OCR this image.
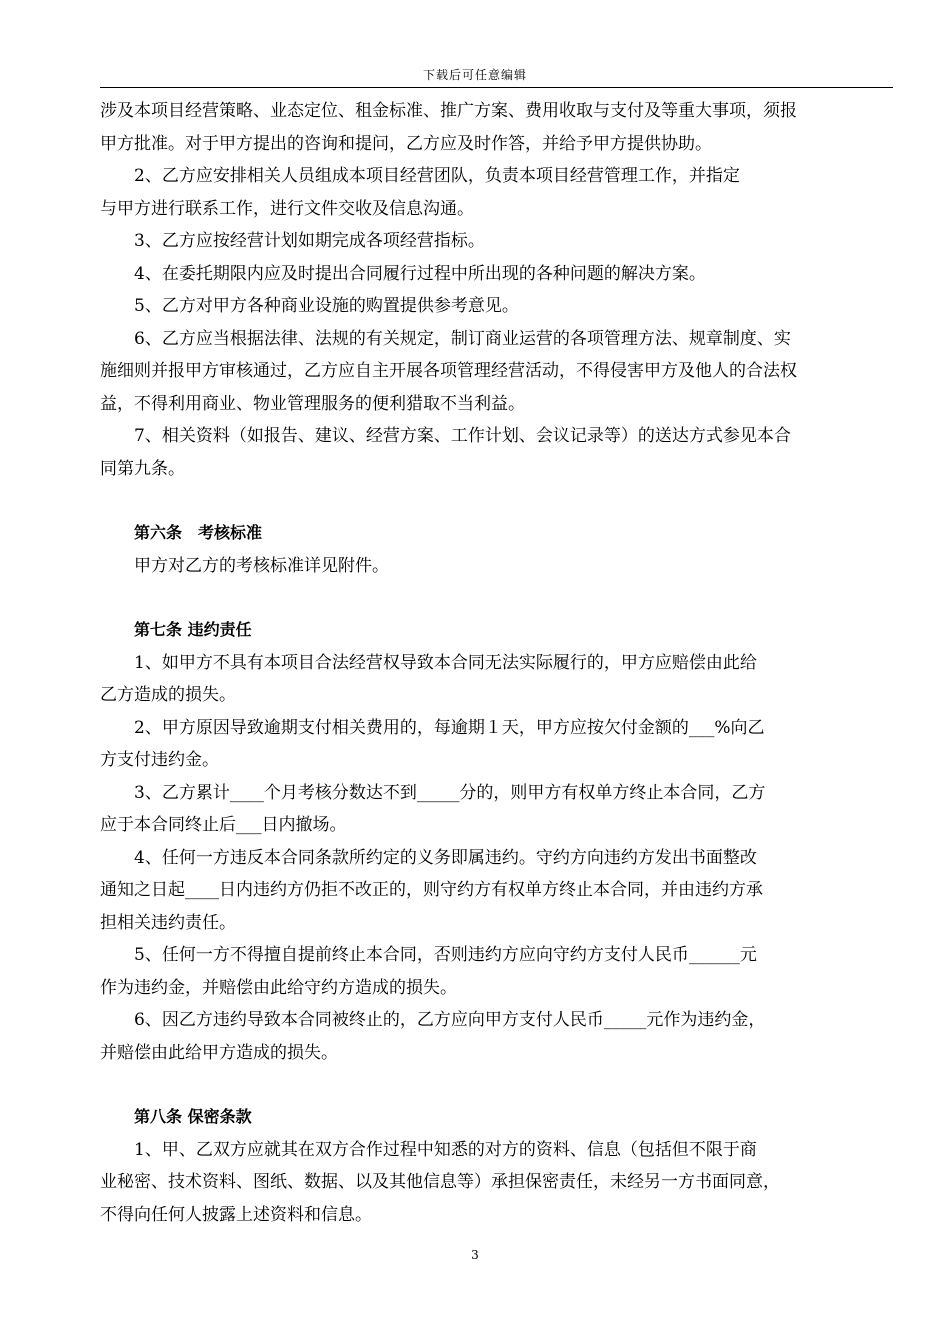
下载后可任意编辑

涉及本项目经营策略、业态定位、租金标准、推广方案、费用收取与支付及等重大事项，须报

甲方批准。对于甲方提出的咨询和提问，乙方应及时作答，并给予甲方提供协助。

2、乙方应安排相关人员组成本项目经营团队，负责本项目经营管理工作，并指定

与甲方进行联系工作，进行文件交收及信息沟通。

3、乙方应按经营计划如期完成各项经营指标。

4、在委托期限内应及时提出合同履行过程中所出现的各种问题的解决方案。

5、乙方对甲方各种商业设施的购置提供参考意见。

6、乙方应当根据法律、法规的有关规定，制订商业运营的各项管理方法、规章制度、实

施细则并报甲方审核通过，乙方应自主开展各项管理经营活动，不得侵害甲方及他人的合法权

益，不得利用商业、物业管理服务的便利猎取不当利益。

7、相关资料（如报告、建议、经营方案、工作计划、会议记录等）的送达方式参见本合

同第九条。

第六条　考核标准

甲方对乙方的考核标准详见附件。

第七条 违约责任

1、如甲方不具有本项目合法经营权导致本合同无法实际履行的，甲方应赔偿由此给

乙方造成的损失。

2、甲方原因导致逾期支付相关费用的，每逾期１天，甲方应按欠付金额的___%向乙

方支付违约金。

3、乙方累计____个月考核分数达不到_____分的，则甲方有权单方终止本合同，乙方

应于本合同终止后___日内撤场。

4、任何一方违反本合同条款所约定的义务即属违约。守约方向违约方发出书面整改

通知之日起____日内违约方仍拒不改正的，则守约方有权单方终止本合同，并由违约方承

担相关违约责任。

5、任何一方不得擅自提前终止本合同，否则违约方应向守约方支付人民币______元

作为违约金，并赔偿由此给守约方造成的损失。

6、因乙方违约导致本合同被终止的，乙方应向甲方支付人民币_____元作为违约金，

并赔偿由此给甲方造成的损失。

第八条 保密条款

1、甲、乙双方应就其在双方合作过程中知悉的对方的资料、信息（包括但不限于商

业秘密、技术资料、图纸、数据、以及其他信息等）承担保密责任，未经另一方书面同意，

不得向任何人披露上述资料和信息。

3
